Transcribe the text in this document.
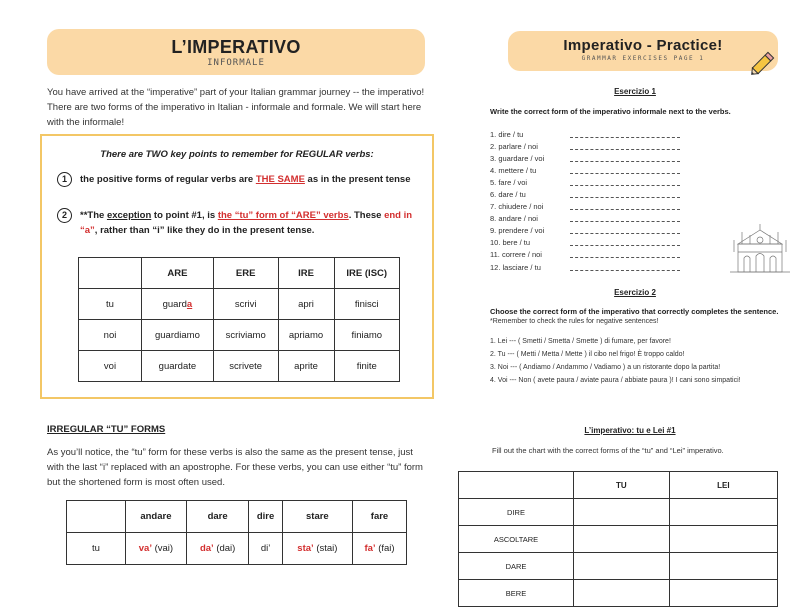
L’IMPERATIVO
INFORMALE
You have arrived at the “imperative” part of your Italian grammar journey -- the imperativo! There are two forms of the imperativo in Italian - informale and formale. We will start here with the informale!
There are TWO key points to remember for REGULAR verbs:
1	the positive forms of regular verbs are THE SAME as in the present tense
2	**The exception to point #1, is the “tu” form of “ARE” verbs. These end in “a”, rather than “i” like they do in the present tense.
	ARE	ERE	IRE	IRE (ISC)
tu	guarda	scrivi	apri	finisci
noi	guardiamo	scriviamo	apriamo	finiamo
voi	guardate	scrivete	aprite	finite
IRREGULAR “TU” FORMS
As you’ll notice, the “tu” form for these verbs is also the same as the present tense, just with the last “i” replaced with an apostrophe. For these verbs, you can use either “tu” form but the shortened form is most often used.
	andare	dare	dire	stare	fare
tu	va’ (vai)	da’ (dai)	di’	sta’ (stai)	fa’ (fai)
Imperativo - Practice!
GRAMMAR EXERCISES PAGE 1
Esercizio 1
Write the correct form of the imperativo informale next to the verbs.
1. dire / tu
2. parlare / noi
3. guardare / voi
4. mettere / tu
5. fare / voi
6. dare / tu
7. chiudere / noi
8. andare / noi
9. prendere / voi
10. bere / tu
11. correre / noi
12. lasciare / tu
Esercizio 2
Choose the correct form of the imperativo that correctly completes the sentence.
*Remember to check the rules for negative sentences!
1. Lei --- ( Smetti / Smetta / Smette ) di fumare, per favore!
2. Tu --- ( Metti / Metta / Mette ) il cibo nel frigo! È troppo caldo!
3. Noi --- ( Andiamo / Andammo / Vadiamo ) a un ristorante dopo la partita!
4. Voi --- Non ( avete paura / aviate paura / abbiate paura )! I cani sono simpatici!
L’imperativo: tu e Lei #1
Fill out the chart with the correct forms of the “tu” and “Lei” imperativo.
	TU	LEI
DIRE		
ASCOLTARE		
DARE		
BERE		
